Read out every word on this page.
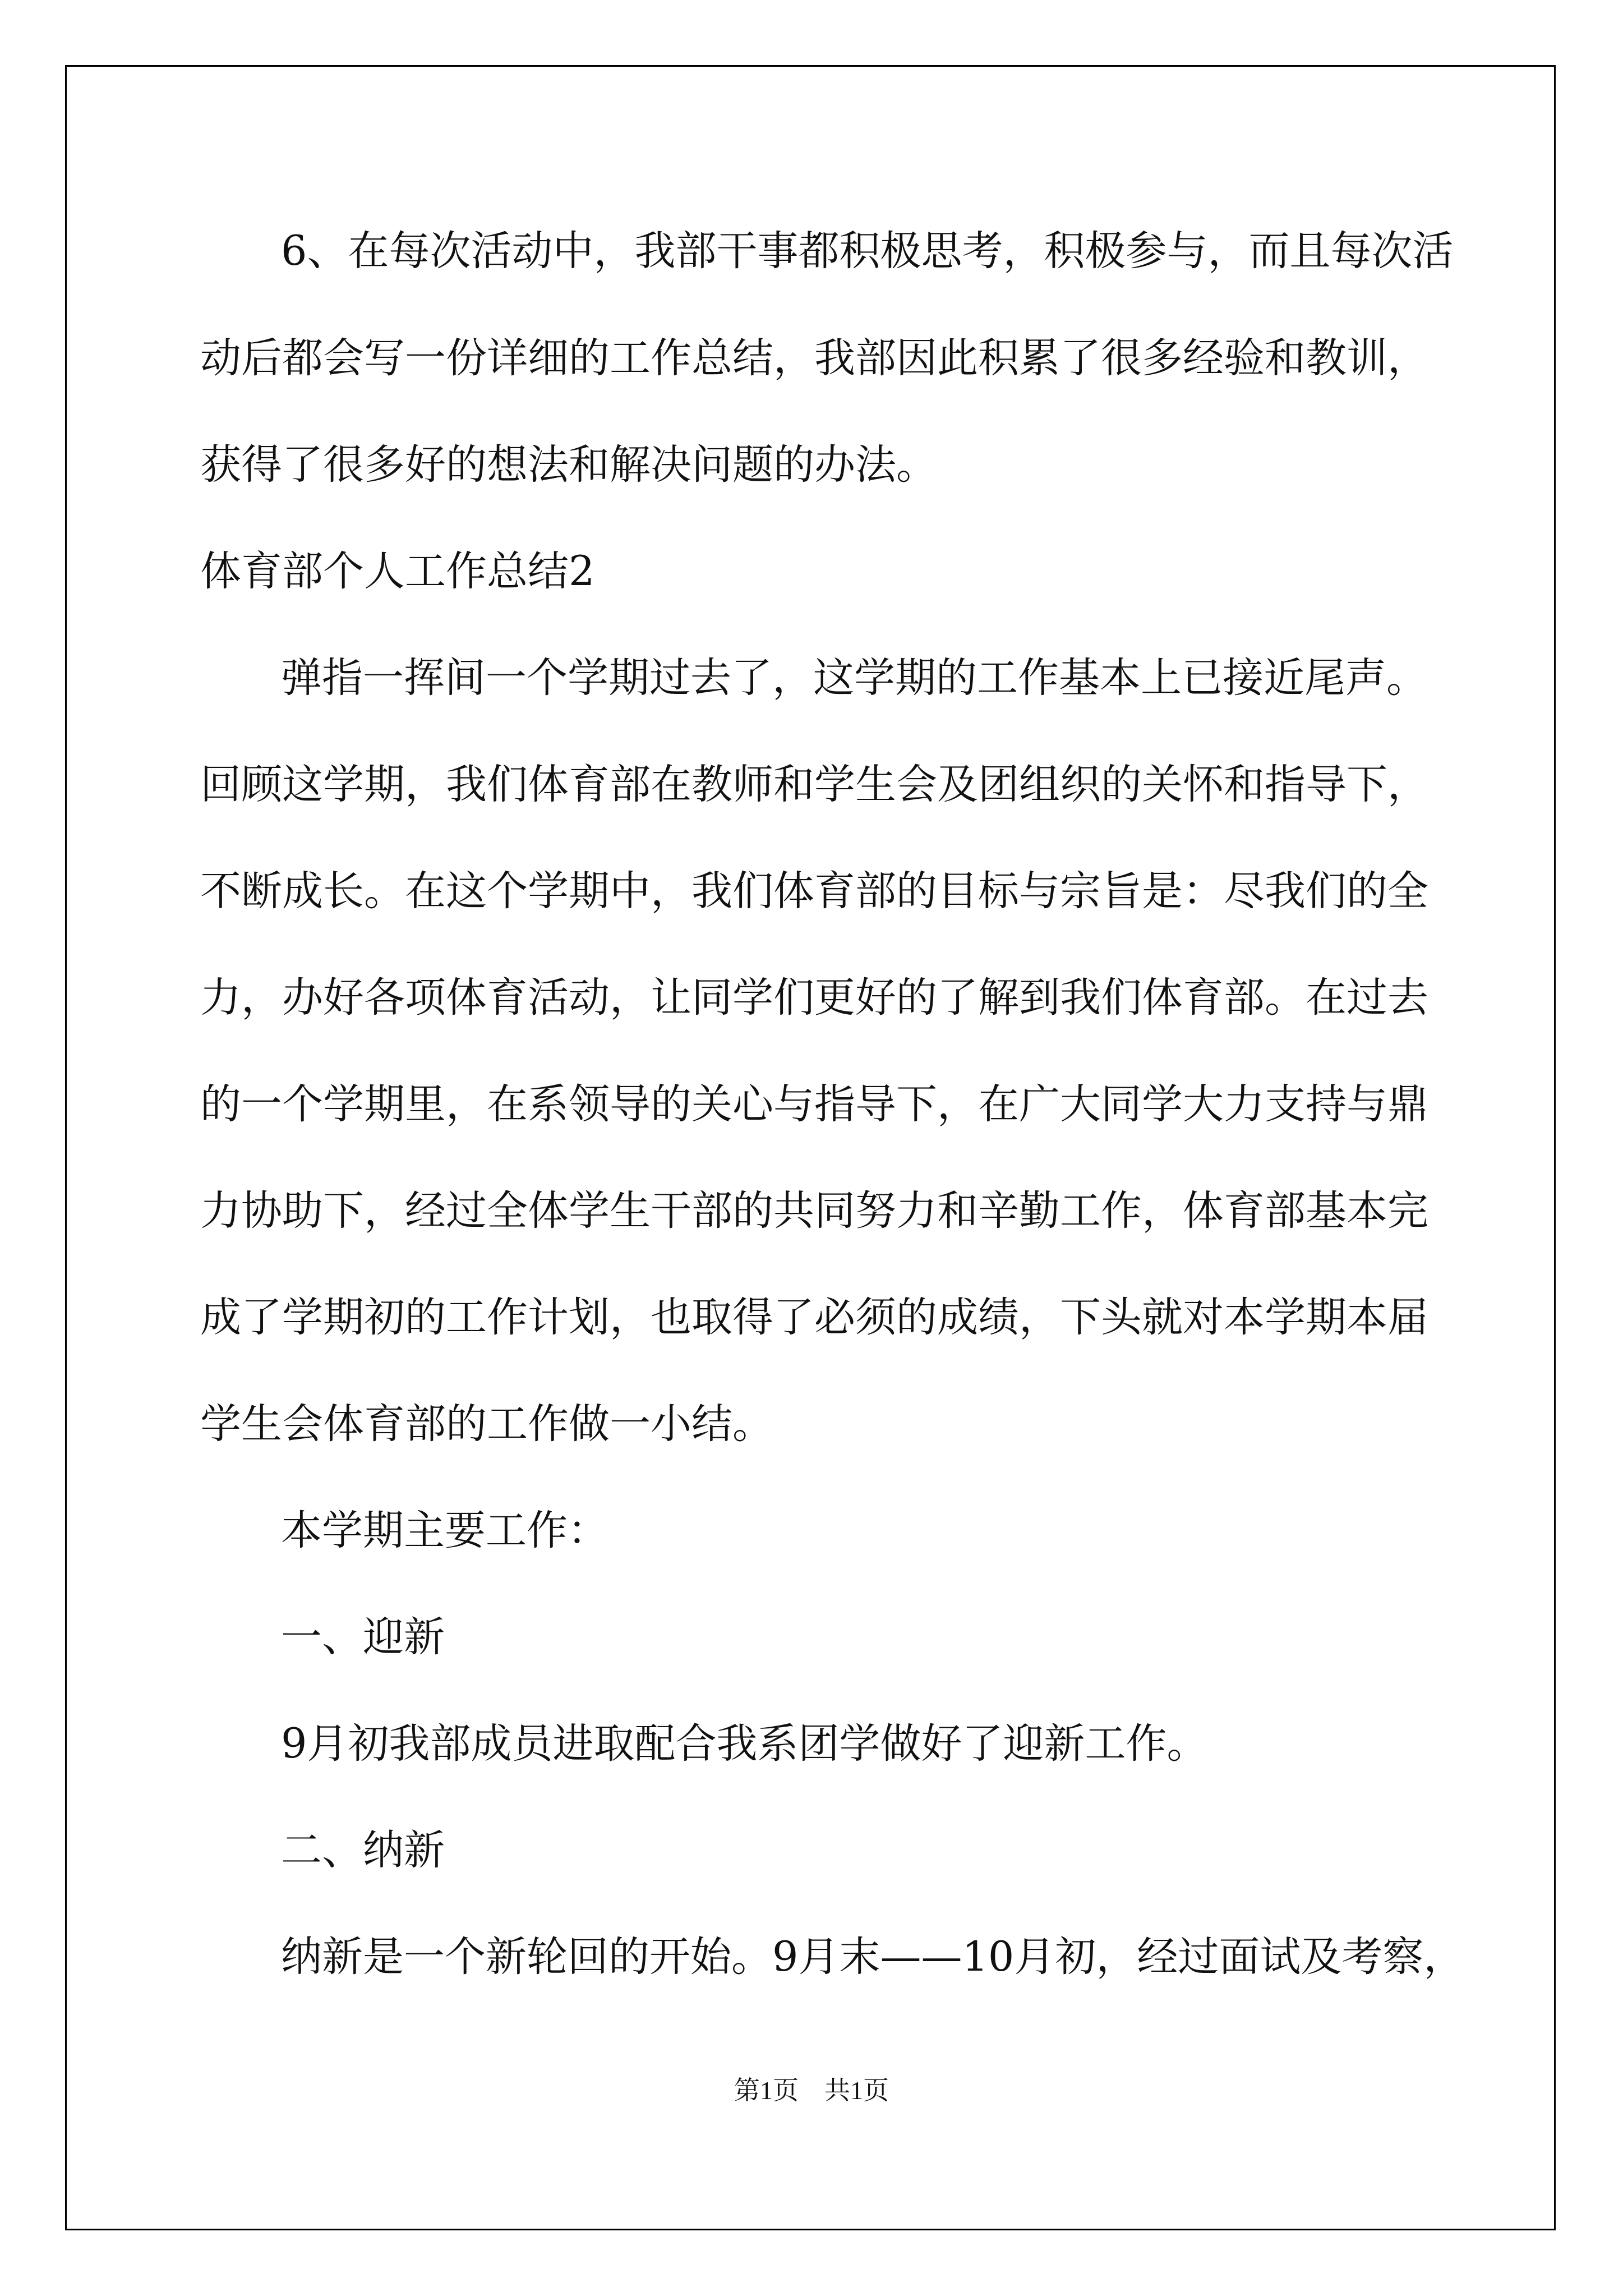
6、在每次活动中，我部干事都积极思考，积极参与，而且每次活
动后都会写一份详细的工作总结，我部因此积累了很多经验和教训，
获得了很多好的想法和解决问题的办法。
体育部个人工作总结2
弹指一挥间一个学期过去了，这学期的工作基本上已接近尾声。
回顾这学期，我们体育部在教师和学生会及团组织的关怀和指导下，
不断成长。在这个学期中，我们体育部的目标与宗旨是：尽我们的全
力，办好各项体育活动，让同学们更好的了解到我们体育部。在过去
的一个学期里，在系领导的关心与指导下，在广大同学大力支持与鼎
力协助下，经过全体学生干部的共同努力和辛勤工作，体育部基本完
成了学期初的工作计划，也取得了必须的成绩，下头就对本学期本届
学生会体育部的工作做一小结。
本学期主要工作：
一、迎新
9月初我部成员进取配合我系团学做好了迎新工作。
二、纳新
纳新是一个新轮回的开始。9月末——10月初，经过面试及考察，
第1页 共1页
